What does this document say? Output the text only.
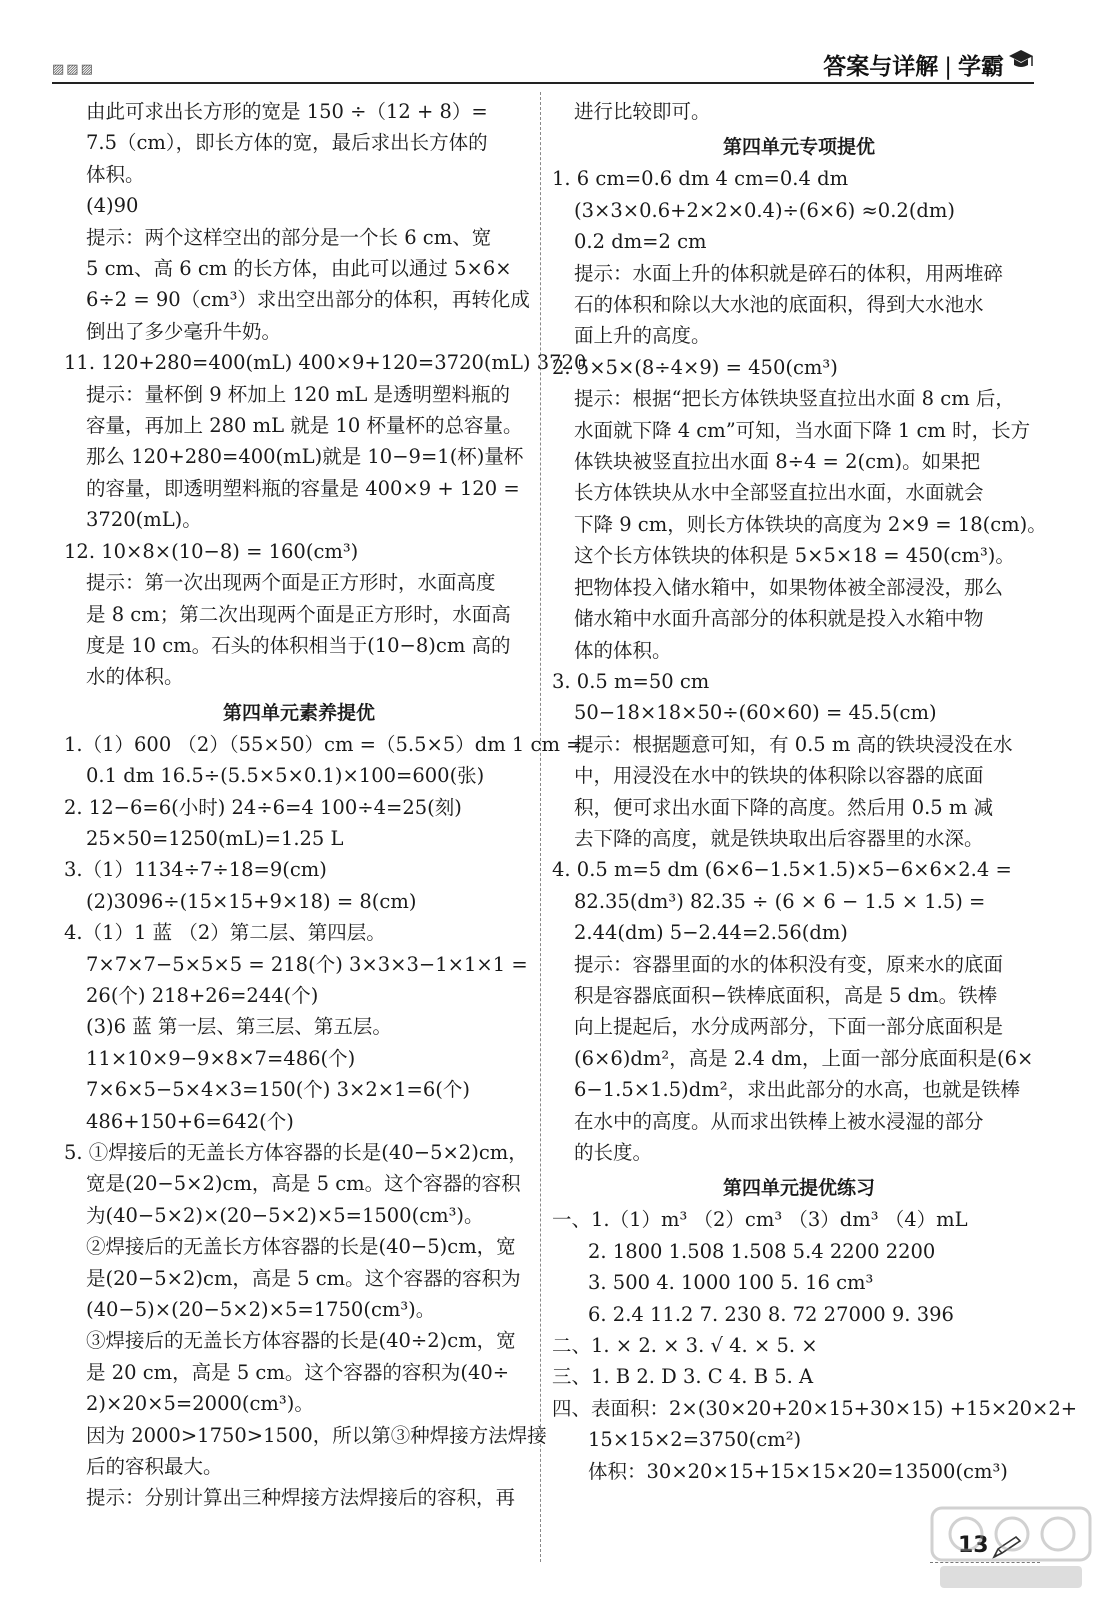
▨▨▨	答案与详解 | 学霸
由此可求出长方形的宽是 150 ÷（12 + 8）=
7.5（cm），即长方体的宽，最后求出长方体的
体积。
(4)90
提示：两个这样空出的部分是一个长 6 cm、宽
5 cm、高 6 cm 的长方体，由此可以通过 5×6×
6÷2 = 90（cm³）求出空出部分的体积，再转化成
倒出了多少毫升牛奶。
11. 120+280=400(mL) 400×9+120=3720(mL) 3720
提示：量杯倒 9 杯加上 120 mL 是透明塑料瓶的
容量，再加上 280 mL 就是 10 杯量杯的总容量。
那么 120+280=400(mL)就是 10−9=1(杯)量杯
的容量，即透明塑料瓶的容量是 400×9 + 120 =
3720(mL)。
12. 10×8×(10−8) = 160(cm³)
提示：第一次出现两个面是正方形时，水面高度
是 8 cm；第二次出现两个面是正方形时，水面高
度是 10 cm。石头的体积相当于(10−8)cm 高的
水的体积。
第四单元素养提优
1.（1）600 （2）（55×50）cm =（5.5×5）dm 1 cm =
0.1 dm 16.5÷(5.5×5×0.1)×100=600(张)
2. 12−6=6(小时) 24÷6=4 100÷4=25(刻)
25×50=1250(mL)=1.25 L
3.（1）1134÷7÷18=9(cm)
(2)3096÷(15×15+9×18) = 8(cm)
4.（1）1 蓝 （2）第二层、第四层。
7×7×7−5×5×5 = 218(个) 3×3×3−1×1×1 =
26(个) 218+26=244(个)
(3)6 蓝 第一层、第三层、第五层。
11×10×9−9×8×7=486(个)
7×6×5−5×4×3=150(个) 3×2×1=6(个)
486+150+6=642(个)
5. ①焊接后的无盖长方体容器的长是(40−5×2)cm，
宽是(20−5×2)cm，高是 5 cm。这个容器的容积
为(40−5×2)×(20−5×2)×5=1500(cm³)。
②焊接后的无盖长方体容器的长是(40−5)cm，宽
是(20−5×2)cm，高是 5 cm。这个容器的容积为
(40−5)×(20−5×2)×5=1750(cm³)。
③焊接后的无盖长方体容器的长是(40÷2)cm，宽
是 20 cm，高是 5 cm。这个容器的容积为(40÷
2)×20×5=2000(cm³)。
因为 2000>1750>1500，所以第③种焊接方法焊接
后的容积最大。
提示：分别计算出三种焊接方法焊接后的容积，再
进行比较即可。
第四单元专项提优
1. 6 cm=0.6 dm 4 cm=0.4 dm
(3×3×0.6+2×2×0.4)÷(6×6) ≈0.2(dm)
0.2 dm=2 cm
提示：水面上升的体积就是碎石的体积，用两堆碎
石的体积和除以大水池的底面积，得到大水池水
面上升的高度。
2. 5×5×(8÷4×9) = 450(cm³)
提示：根据“把长方体铁块竖直拉出水面 8 cm 后，
水面就下降 4 cm”可知，当水面下降 1 cm 时，长方
体铁块被竖直拉出水面 8÷4 = 2(cm)。如果把
长方体铁块从水中全部竖直拉出水面，水面就会
下降 9 cm，则长方体铁块的高度为 2×9 = 18(cm)。
这个长方体铁块的体积是 5×5×18 = 450(cm³)。
把物体投入储水箱中，如果物体被全部浸没，那么
储水箱中水面升高部分的体积就是投入水箱中物
体的体积。
3. 0.5 m=50 cm
50−18×18×50÷(60×60) = 45.5(cm)
提示：根据题意可知，有 0.5 m 高的铁块浸没在水
中，用浸没在水中的铁块的体积除以容器的底面
积，便可求出水面下降的高度。然后用 0.5 m 减
去下降的高度，就是铁块取出后容器里的水深。
4. 0.5 m=5 dm (6×6−1.5×1.5)×5−6×6×2.4 =
82.35(dm³) 82.35 ÷ (6 × 6 − 1.5 × 1.5) =
2.44(dm) 5−2.44=2.56(dm)
提示：容器里面的水的体积没有变，原来水的底面
积是容器底面积−铁棒底面积，高是 5 dm。铁棒
向上提起后，水分成两部分，下面一部分底面积是
(6×6)dm²，高是 2.4 dm，上面一部分底面积是(6×
6−1.5×1.5)dm²，求出此部分的水高，也就是铁棒
在水中的高度。从而求出铁棒上被水浸湿的部分
的长度。
第四单元提优练习
一、1.（1）m³ （2）cm³ （3）dm³ （4）mL
2. 1800 1.508 1.508 5.4 2200 2200
3. 500 4. 1000 100 5. 16 cm³
6. 2.4 11.2 7. 230 8. 72 27000 9. 396
二、1. × 2. × 3. √ 4. × 5. ×
三、1. B 2. D 3. C 4. B 5. A
四、表面积：2×(30×20+20×15+30×15) +15×20×2+
15×15×2=3750(cm²)
体积：30×20×15+15×15×20=13500(cm³)
13
